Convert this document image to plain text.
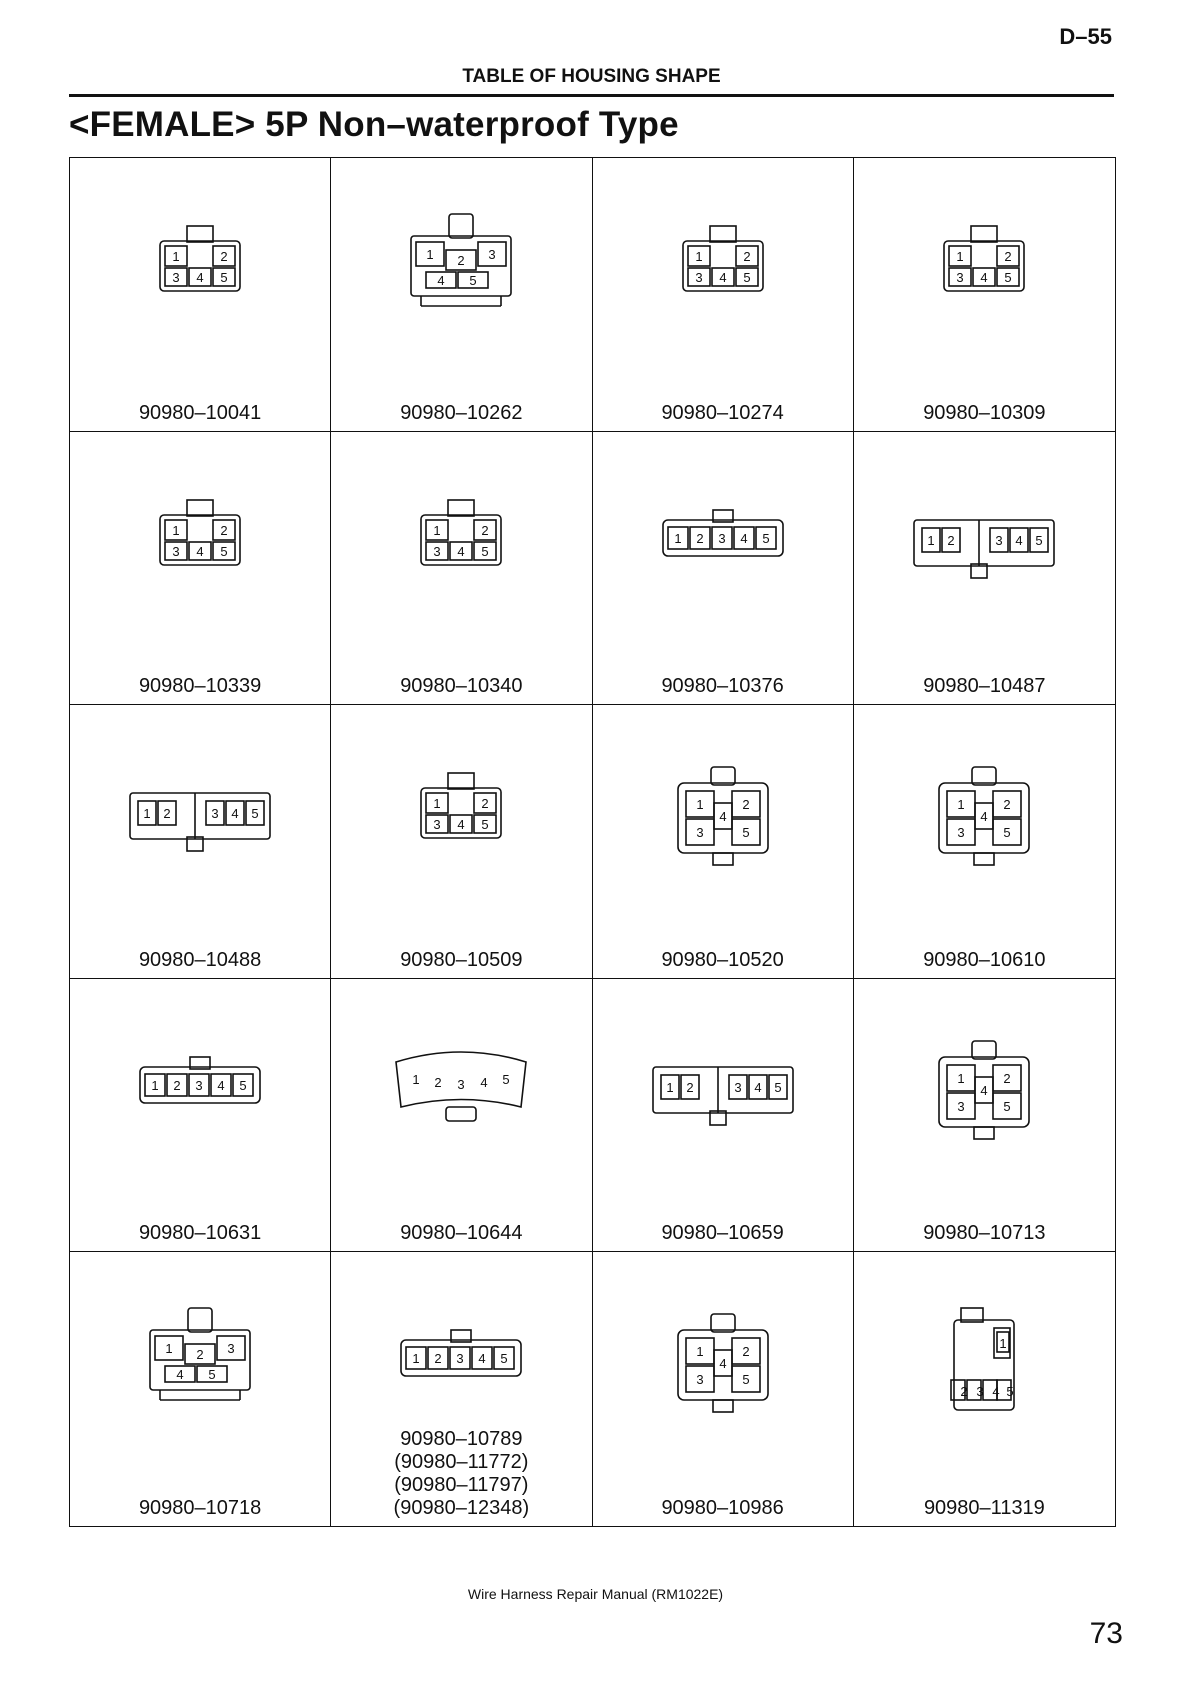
D–55
TABLE OF HOUSING SHAPE
<FEMALE> 5P Non–waterproof Type
1	2
3 4 5
90980–10041
1 2 3
4 5
90980–10262
1	2
3 4 5
90980–10274
1	2
3 4 5
90980–10309
1	2
3 4 5
90980–10339
1	2
3 4 5
90980–10340
1 2 3 4 5
90980–10376
1 2	3 4 5
90980–10487
1 2	3 4 5
90980–10488
1	2
3 4 5
90980–10509
1	2
3
4
5
90980–10520
1	2
3
4
5
90980–10610
1 2 3 4 5
90980–10631
1 2 3 4 5
90980–10644
1 2	3 4 5
90980–10659
1	2
3
4
5
90980–10713
1 2 3
4 5
90980–10718
1 2 3 4 5
90980–10789
(90980–11772)
(90980–11797)
(90980–12348)
1	2
3
4
5
90980–10986
1
2 3 4 5
90980–11319
Wire Harness Repair Manual (RM1022E)
73
